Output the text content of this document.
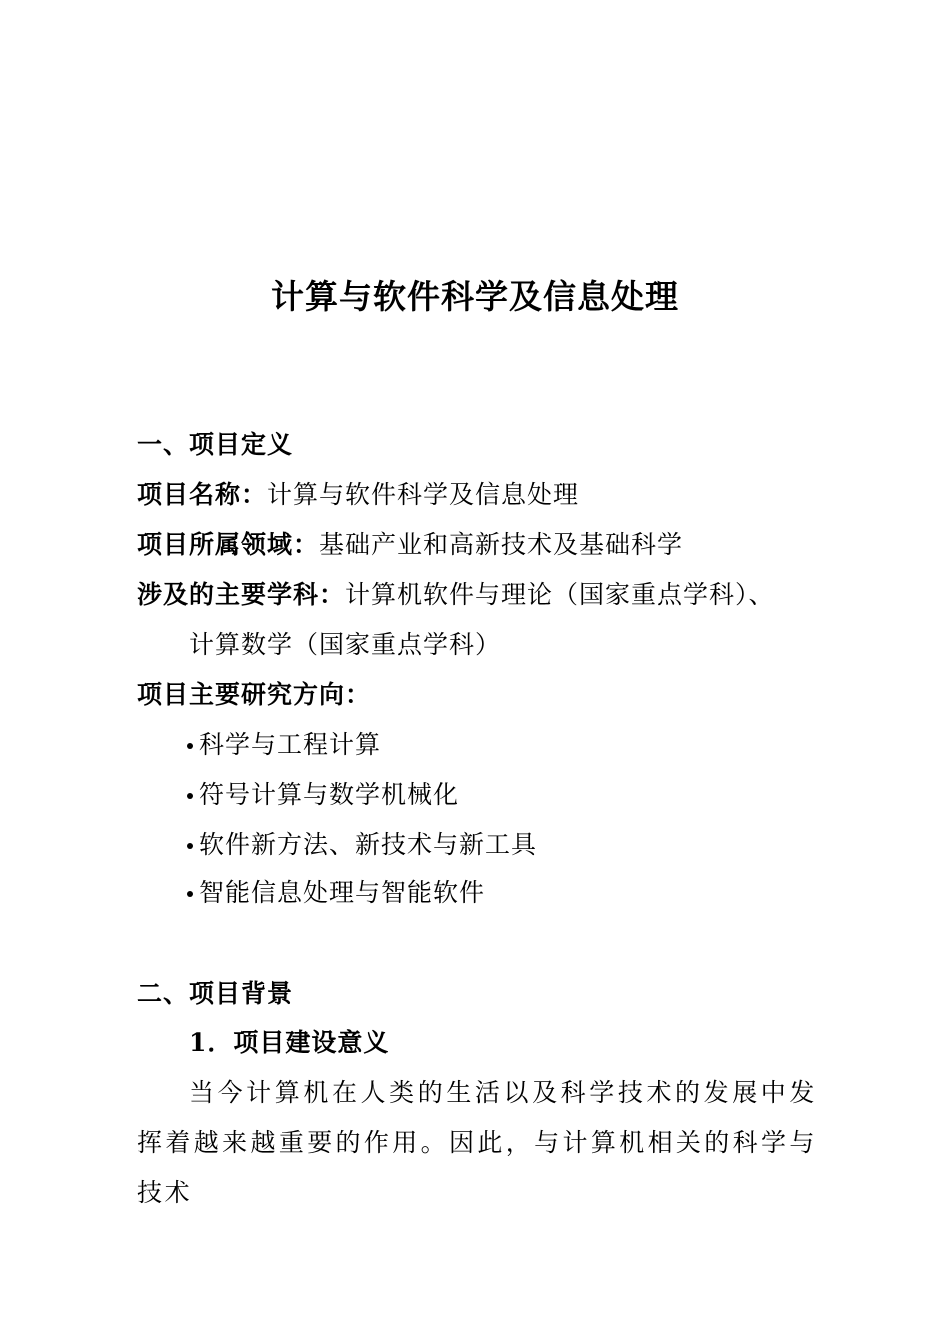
计算与软件科学及信息处理
一、项目定义
项目名称：计算与软件科学及信息处理
项目所属领域：基础产业和高新技术及基础科学
涉及的主要学科：计算机软件与理论（国家重点学科）、
计算数学（国家重点学科）
项目主要研究方向：
科学与工程计算
符号计算与数学机械化
软件新方法、新技术与新工具
智能信息处理与智能软件
二、项目背景
1．项目建设意义
当今计算机在人类的生活以及科学技术的发展中发挥着越来越重要的作用。因此，与计算机相关的科学与技术
